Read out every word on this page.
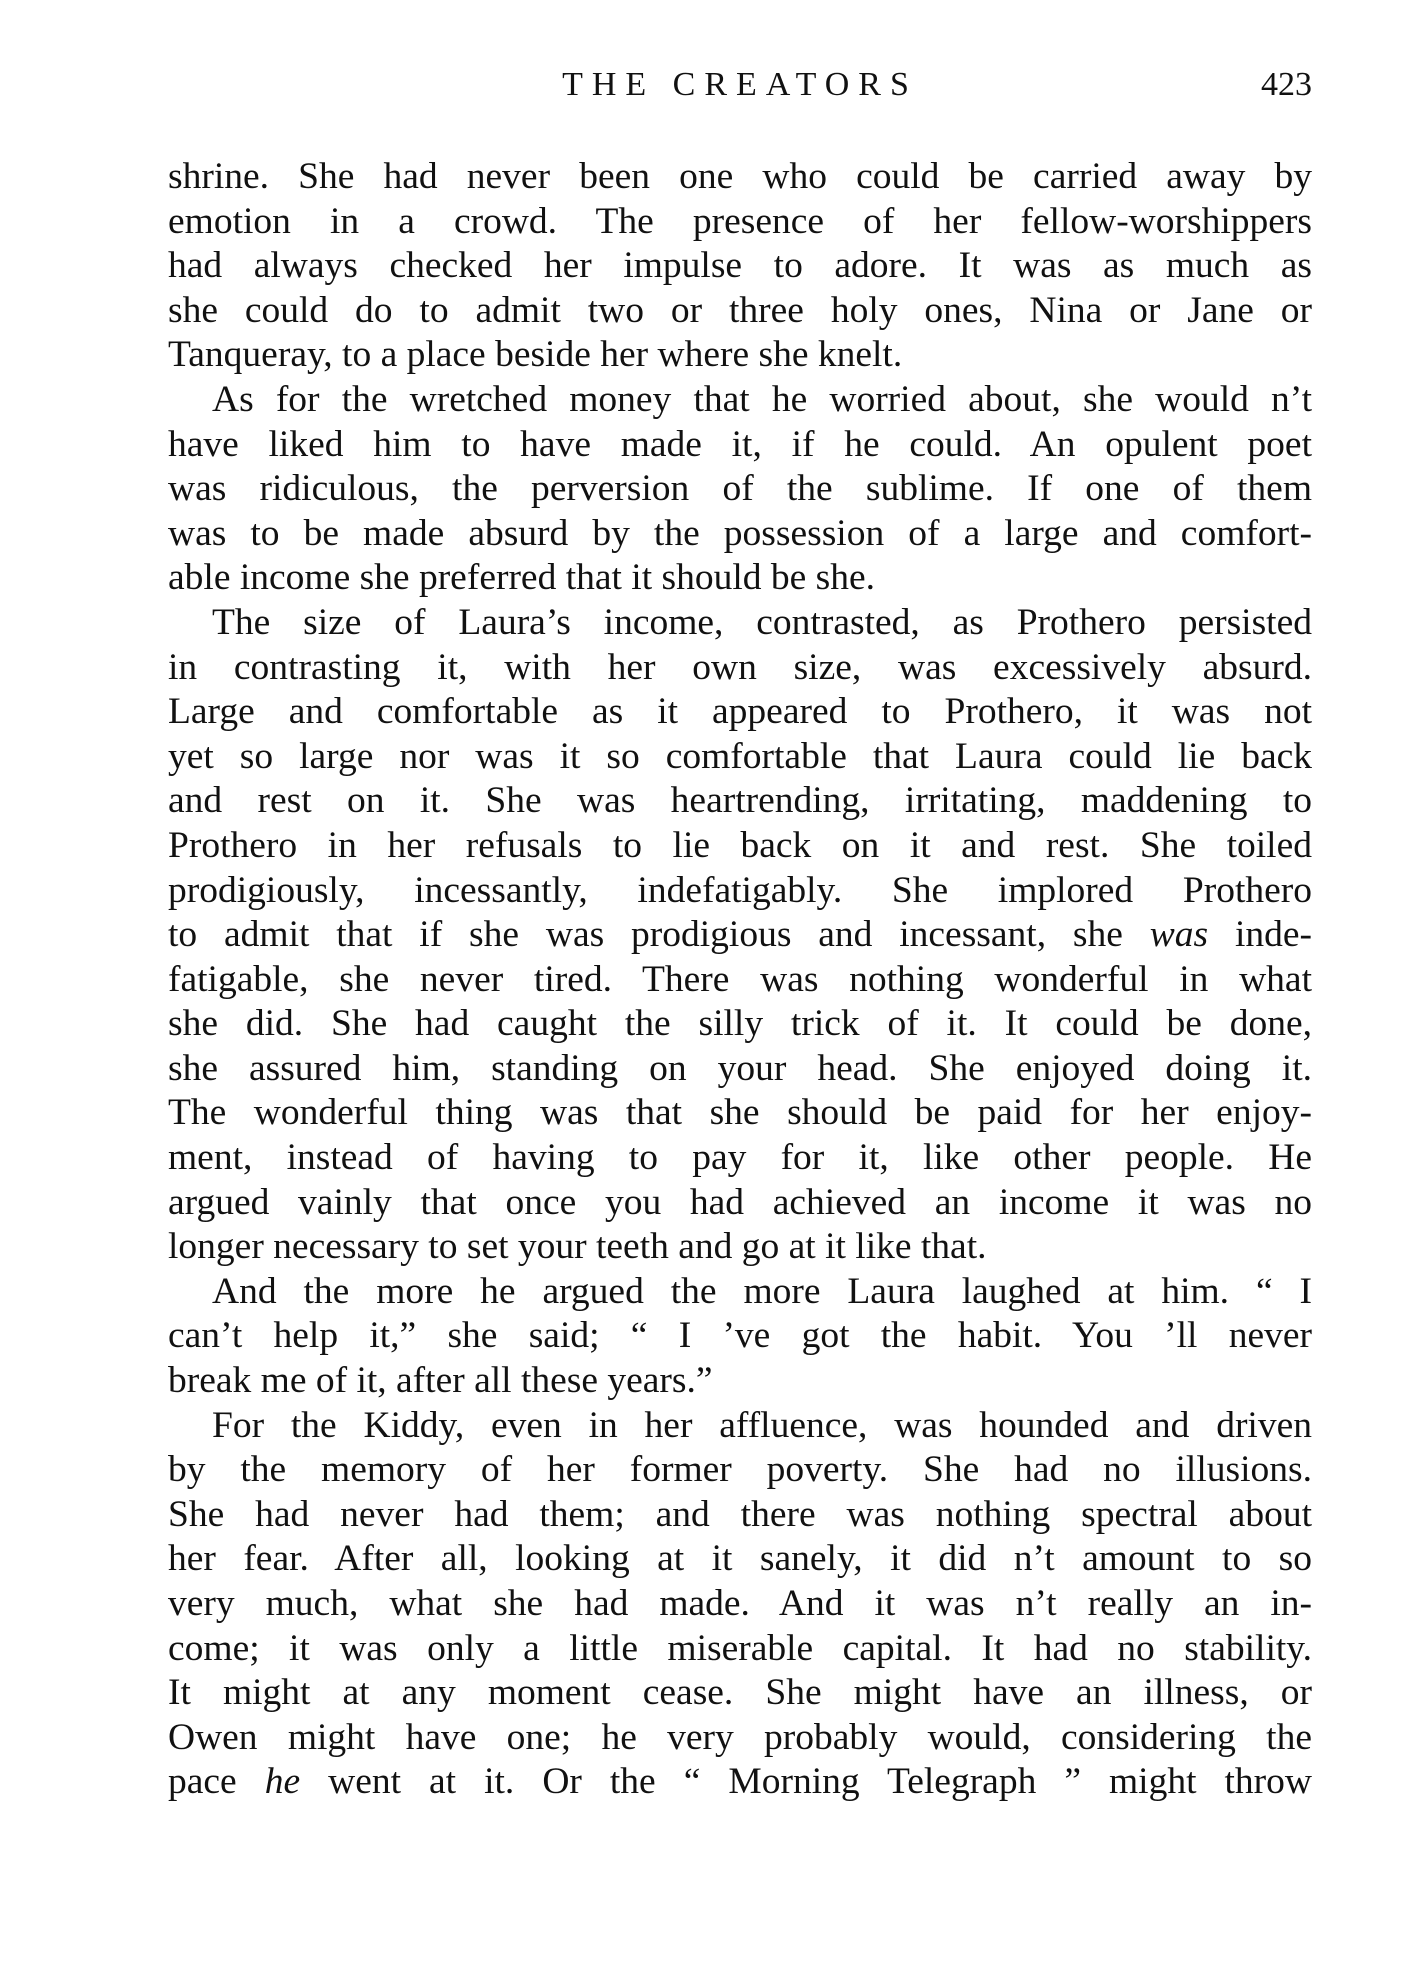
THE CREATORS	423
shrine. She had never been one who could be carried away by
emotion in a crowd. The presence of her fellow-worshippers
had always checked her impulse to adore. It was as much as
she could do to admit two or three holy ones, Nina or Jane or
Tanqueray, to a place beside her where she knelt.
As for the wretched money that he worried about, she would n’t
have liked him to have made it, if he could. An opulent poet
was ridiculous, the perversion of the sublime. If one of them
was to be made absurd by the possession of a large and comfort-
able income she preferred that it should be she.
The size of Laura’s income, contrasted, as Prothero persisted
in contrasting it, with her own size, was excessively absurd.
Large and comfortable as it appeared to Prothero, it was not
yet so large nor was it so comfortable that Laura could lie back
and rest on it. She was heartrending, irritating, maddening to
Prothero in her refusals to lie back on it and rest. She toiled
prodigiously, incessantly, indefatigably. She implored Prothero
to admit that if she was prodigious and incessant, she was inde-
fatigable, she never tired. There was nothing wonderful in what
she did. She had caught the silly trick of it. It could be done,
she assured him, standing on your head. She enjoyed doing it.
The wonderful thing was that she should be paid for her enjoy-
ment, instead of having to pay for it, like other people. He
argued vainly that once you had achieved an income it was no
longer necessary to set your teeth and go at it like that.
And the more he argued the more Laura laughed at him. “ I
can’t help it,” she said; “ I ’ve got the habit. You ’ll never
break me of it, after all these years.”
For the Kiddy, even in her affluence, was hounded and driven
by the memory of her former poverty. She had no illusions.
She had never had them; and there was nothing spectral about
her fear. After all, looking at it sanely, it did n’t amount to so
very much, what she had made. And it was n’t really an in-
come; it was only a little miserable capital. It had no stability.
It might at any moment cease. She might have an illness, or
Owen might have one; he very probably would, considering the
pace he went at it. Or the “ Morning Telegraph ” might throw
